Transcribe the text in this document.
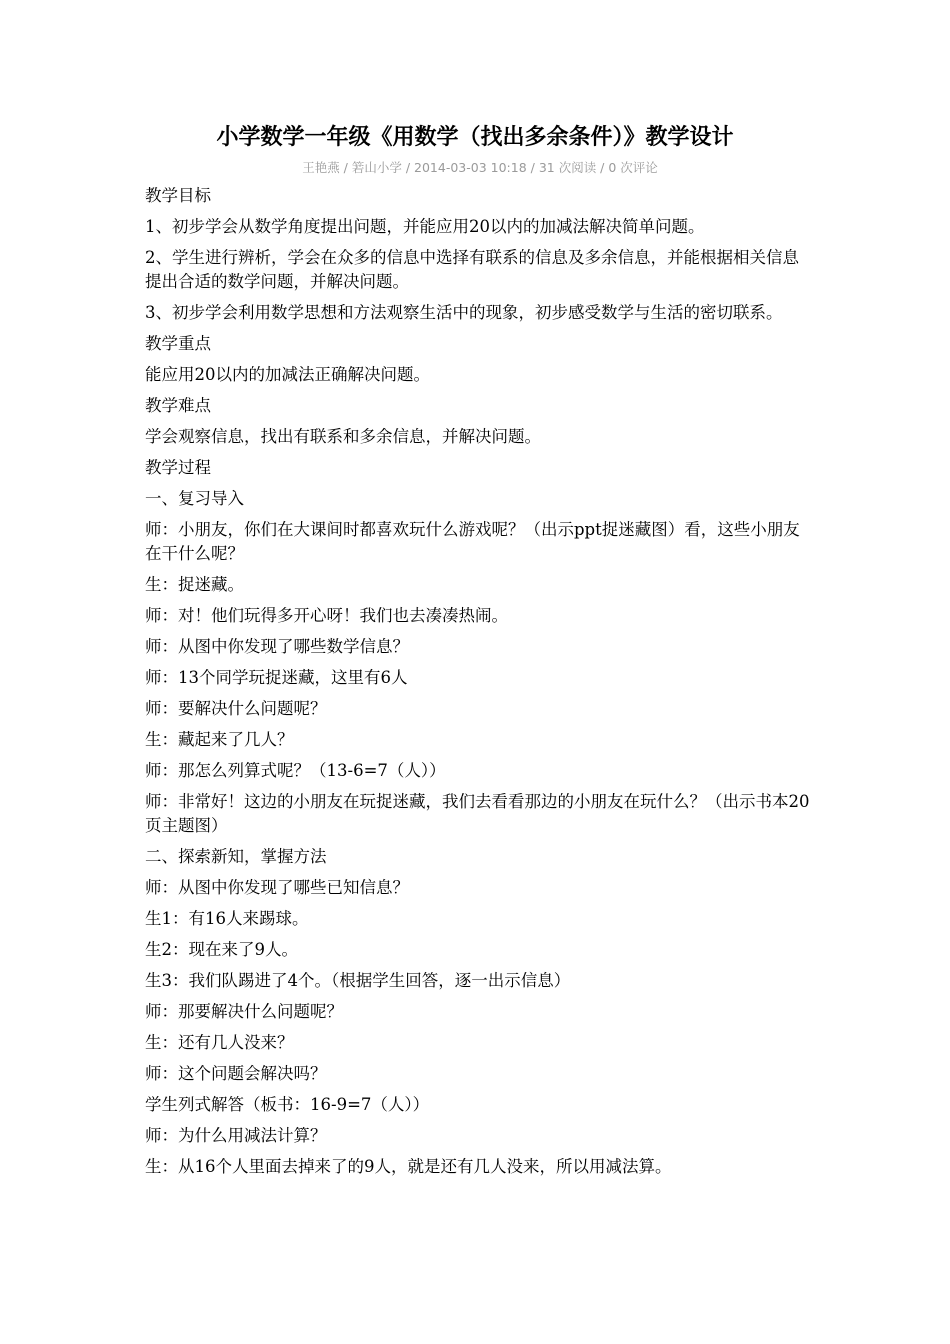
小学数学一年级《用数学（找出多余条件）》教学设计
王艳燕 / 箬山小学 / 2014-03-03 10:18 / 31 次阅读 / 0 次评论

教学目标

1、初步学会从数学角度提出问题，并能应用20以内的加减法解决简单问题。

2、学生进行辨析，学会在众多的信息中选择有联系的信息及多余信息，并能根据相关信息提出合适的数学问题，并解决问题。

3、初步学会利用数学思想和方法观察生活中的现象，初步感受数学与生活的密切联系。

教学重点

能应用20以内的加减法正确解决问题。

教学难点

学会观察信息，找出有联系和多余信息，并解决问题。

教学过程

一、复习导入

师：小朋友，你们在大课间时都喜欢玩什么游戏呢？（出示ppt捉迷藏图）看，这些小朋友在干什么呢？

生：捉迷藏。

师：对！他们玩得多开心呀！我们也去凑凑热闹。

师：从图中你发现了哪些数学信息？

师：13个同学玩捉迷藏，这里有6人

师：要解决什么问题呢？

生：藏起来了几人？

师：那怎么列算式呢？（13-6=7（人））

师：非常好！这边的小朋友在玩捉迷藏，我们去看看那边的小朋友在玩什么？（出示书本20页主题图）

二、探索新知，掌握方法

师：从图中你发现了哪些已知信息？

生1：有16人来踢球。

生2：现在来了9人。

生3：我们队踢进了4个。（根据学生回答，逐一出示信息）

师：那要解决什么问题呢？

生：还有几人没来？

师：这个问题会解决吗？

学生列式解答（板书：16-9=7（人））

师：为什么用减法计算？

生：从16个人里面去掉来了的9人，就是还有几人没来，所以用减法算。
